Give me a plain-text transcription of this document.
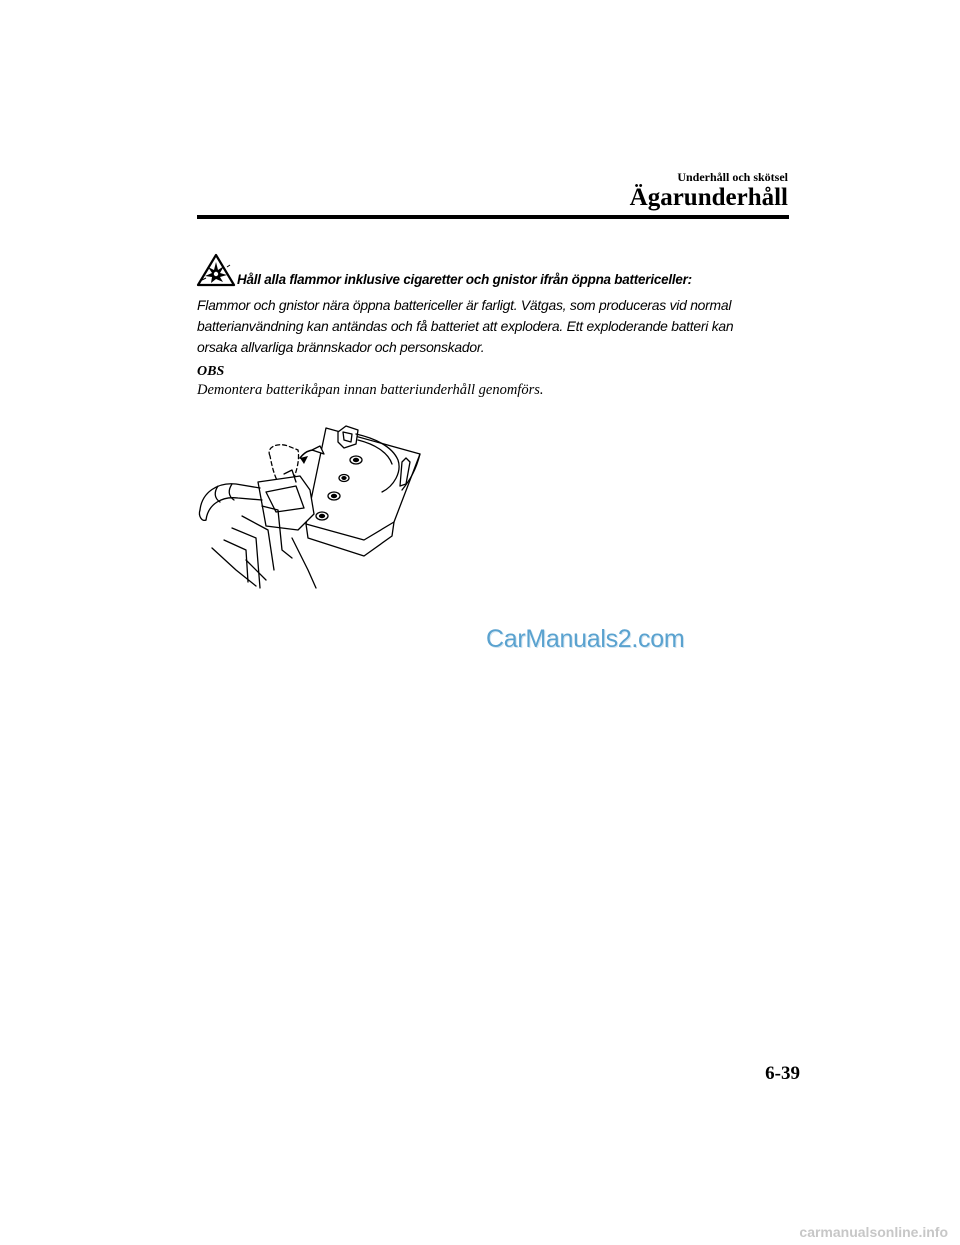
Underhåll och skötsel
Ägarunderhåll
Håll alla flammor inklusive cigaretter och gnistor ifrån öppna battericeller:

Flammor och gnistor nära öppna battericeller är farligt. Vätgas, som produceras vid normal
batterianvändning kan antändas och få batteriet att explodera. Ett exploderande batteri kan
orsaka allvarliga brännskador och personskador.

OBS
Demontera batterikåpan innan batteriunderhåll genomförs.
CarManuals2.com
6-39
carmanualsonline.info
